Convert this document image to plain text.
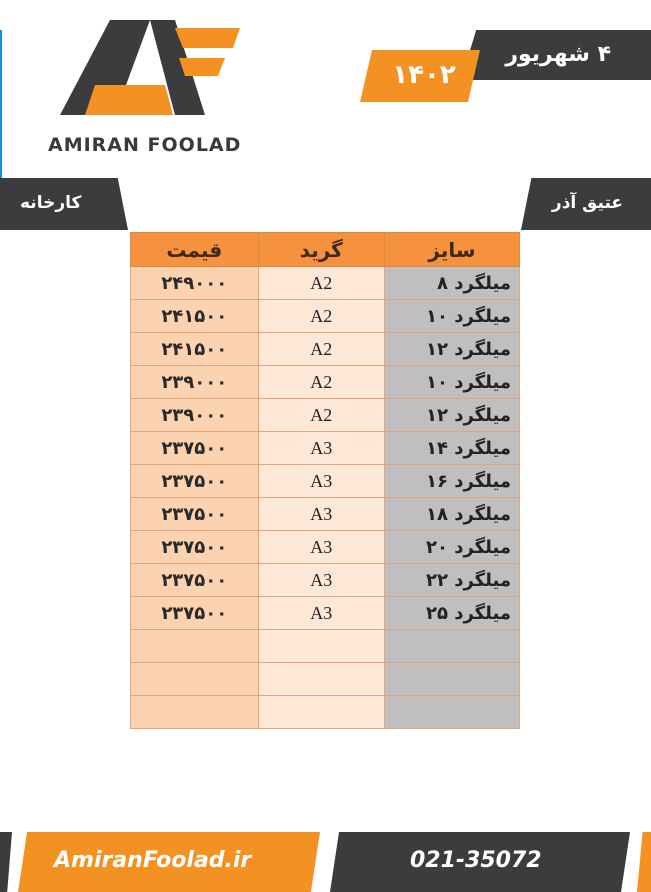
AMIRAN FOOLAD
۴ شهریور
۱۴۰۲
کارخانه	عتیق آذر
قیمت	گرید	سایز
۲۴۹۰۰۰	A2	میلگرد ۸
۲۴۱۵۰۰	A2	میلگرد ۱۰
۲۴۱۵۰۰	A2	میلگرد ۱۲
۲۳۹۰۰۰	A2	میلگرد ۱۰
۲۳۹۰۰۰	A2	میلگرد ۱۲
۲۳۷۵۰۰	A3	میلگرد ۱۴
۲۳۷۵۰۰	A3	میلگرد ۱۶
۲۳۷۵۰۰	A3	میلگرد ۱۸
۲۳۷۵۰۰	A3	میلگرد ۲۰
۲۳۷۵۰۰	A3	میلگرد ۲۲
۲۳۷۵۰۰	A3	میلگرد ۲۵

AmiranFoolad.ir	021-35072
